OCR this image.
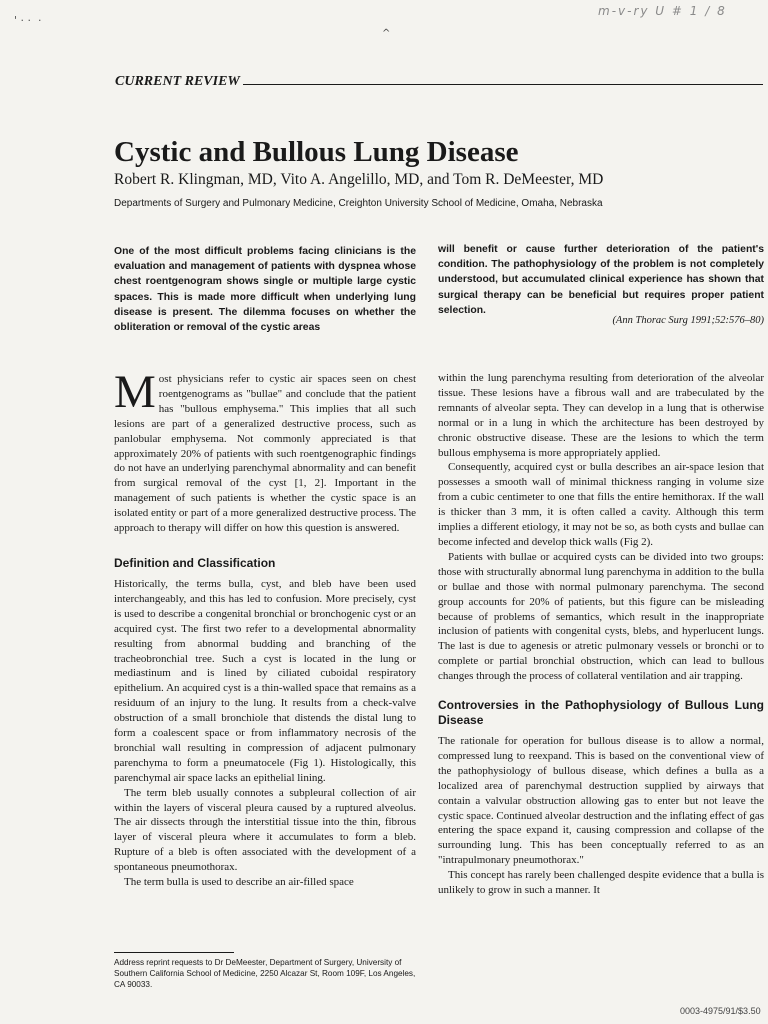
m-v-ry U # 1 / 8
' · ·  ·
^
CURRENT REVIEW
Cystic and Bullous Lung Disease
Robert R. Klingman, MD, Vito A. Angelillo, MD, and Tom R. DeMeester, MD
Departments of Surgery and Pulmonary Medicine, Creighton University School of Medicine, Omaha, Nebraska

One of the most difficult problems facing clinicians is the evaluation and management of patients with dyspnea whose chest roentgenogram shows single or multiple large cystic spaces. This is made more difficult when underlying lung disease is present. The dilemma focuses on whether the obliteration or removal of the cystic areas

will benefit or cause further deterioration of the patient's condition. The pathophysiology of the problem is not completely understood, but accumulated clinical experience has shown that surgical therapy can be beneficial but requires proper patient selection.

(Ann Thorac Surg 1991;52:576–80)

Most physicians refer to cystic air spaces seen on chest roentgenograms as "bullae" and conclude that the patient has "bullous emphysema." This implies that all such lesions are part of a generalized destructive process, such as panlobular emphysema. Not commonly appreciated is that approximately 20% of patients with such roentgenographic findings do not have an underlying parenchymal abnormality and can benefit from surgical removal of the cyst [1, 2]. Important in the management of such patients is whether the cystic space is an isolated entity or part of a more generalized destructive process. The approach to therapy will differ on how this question is answered.

Definition and Classification

Historically, the terms bulla, cyst, and bleb have been used interchangeably, and this has led to confusion. More precisely, cyst is used to describe a congenital bronchial or bronchogenic cyst or an acquired cyst. The first two refer to a developmental abnormality resulting from abnormal budding and branching of the tracheobronchial tree. Such a cyst is located in the lung or mediastinum and is lined by ciliated cuboidal respiratory epithelium. An acquired cyst is a thin-walled space that remains as a residuum of an injury to the lung. It results from a check-valve obstruction of a small bronchiole that distends the distal lung to form a coalescent space or from inflammatory necrosis of the bronchial wall resulting in compression of adjacent pulmonary parenchyma to form a pneumatocele (Fig 1). Histologically, this parenchymal air space lacks an epithelial lining.

The term bleb usually connotes a subpleural collection of air within the layers of visceral pleura caused by a ruptured alveolus. The air dissects through the interstitial tissue into the thin, fibrous layer of visceral pleura where it accumulates to form a bleb. Rupture of a bleb is often associated with the development of a spontaneous pneumothorax.

The term bulla is used to describe an air-filled space

within the lung parenchyma resulting from deterioration of the alveolar tissue. These lesions have a fibrous wall and are trabeculated by the remnants of alveolar septa. They can develop in a lung that is otherwise normal or in a lung in which the architecture has been destroyed by chronic obstructive disease. These are the lesions to which the term bullous emphysema is more appropriately applied.

Consequently, acquired cyst or bulla describes an air-space lesion that possesses a smooth wall of minimal thickness ranging in volume size from a cubic centimeter to one that fills the entire hemithorax. If the wall is thicker than 3 mm, it is often called a cavity. Although this term implies a different etiology, it may not be so, as both cysts and bullae can become infected and develop thick walls (Fig 2).

Patients with bullae or acquired cysts can be divided into two groups: those with structurally abnormal lung parenchyma in addition to the bulla or bullae and those with normal pulmonary parenchyma. The second group accounts for 20% of patients, but this figure can be misleading because of problems of semantics, which result in the inappropriate inclusion of patients with congenital cysts, blebs, and hyperlucent lungs. The last is due to agenesis or atretic pulmonary vessels or bronchi or to complete or partial bronchial obstruction, which can lead to bullous changes through the process of collateral ventilation and air trapping.

Controversies in the Pathophysiology of Bullous Lung Disease

The rationale for operation for bullous disease is to allow a normal, compressed lung to reexpand. This is based on the conventional view of the pathophysiology of bullous disease, which defines a bulla as a localized area of parenchymal destruction supplied by airways that contain a valvular obstruction allowing gas to enter but not leave the cystic space. Continued alveolar destruction and the inflating effect of gas entering the space expand it, causing compression and collapse of the surrounding lung. This has been conceptually referred to as an "intrapulmonary pneumothorax."

This concept has rarely been challenged despite evidence that a bulla is unlikely to grow in such a manner. It

Address reprint requests to Dr DeMeester, Department of Surgery, University of Southern California School of Medicine, 2250 Alcazar St, Room 109F, Los Angeles, CA 90033.

0003-4975/91/$3.50
